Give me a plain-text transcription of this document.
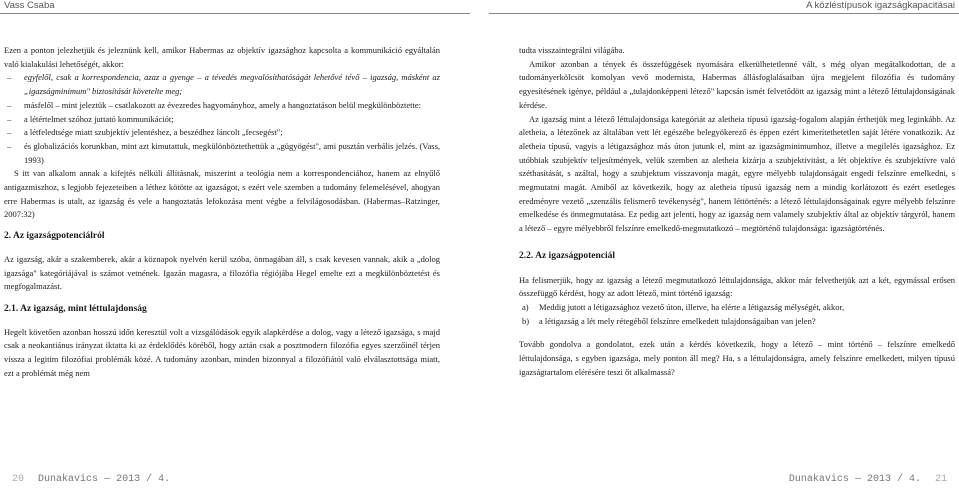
Vass Csaba

Ezen a ponton jelezhetjük és jeleznünk kell, amikor Habermas az objektív igazsághoz kapcsolta a kommunikáció egyáltalán való kialakulási lehetőségét, akkor:

– egyfelől, csak a korrespondencia, azaz a gyenge – a tévedés megvalósíthatóságát lehetővé tévő – igazság, másként az „igazságminimum" biztosítását követelte meg;
– másfelől – mint jeleztük – csatlakozott az évezredes hagyományhoz, amely a hangoztatáson belül megkülönböztette:
– a létértelmet szóhoz juttató kommunikációt;
– a létfeledtsége miatt szubjektív jelentéshez, a beszédhez láncolt „fecsegést";
– és globalizációs korunkban, mint azt kimutattuk, megkülönböztethettük a „gügyögést", ami pusztán verbális jelzés. (Vass, 1993)

S itt van alkalom annak a kifejtés nélküli állításnak, miszerint a teológia nem a korrespondenciához, hanem az elnyűlő antigazmiszhoz, s legjobb fejezeteiben a léthez kötötte az igazságot, s ezért vele szemben a tudomány felemelésével, ahogyan erre Habermas is utalt, az igazság és vele a hangoztatás lefokozása ment végbe a felvilágosodásban. (Habermas–Ratzinger, 2007:32)

2. Az igazságpotenciálról

Az igazság, akár a szakemberek, akár a köznapok nyelvén kerül szóba, önmagában áll, s csak kevesen vannak, akik a „dolog igazsága" kategóriájával is számot vetnének. Igazán magasra, a filozófia régiójába Hegel emelte ezt a megkülönböztetést és megfogalmazást.

2.1. Az igazság, mint léttulajdonság

Hegelt követően azonban hosszú időn keresztül volt a vizsgálódások egyik alapkérdése a dolog, vagy a létező igazsága, s majd csak a neokantiánus irányzat iktatta ki az érdeklődés köréből, hogy aztán csak a posztmodern filozófia egyes szerzőinél térjen vissza a legitim filozófiai problémák közé. A tudomány azonban, minden bizonnyal a filozófiától való elválasztottsága miatt, ezt a problémát még nem

20 Dunakavics — 2013 / 4.
A közléstípusok igazságkapacitásai

tudta visszaintegrálni világába.

Amikor azonban a tények és összefüggések nyomására elkerülhetetlenné vált, s még olyan megátalkodottan, de a tudományerkölcsöt komolyan vevő modernista, Habermas állásfoglalásaiban újra megjelent filozófia és tudomány egyesítésének igénye, például a „tulajdonképpeni létező" kapcsán ismét felvetődött az igazság mint a létező léttulajdonságának kérdése.

Az igazság mint a létező léttulajdonsága kategóriát az aletheia típusú igazság-fogalom alapján érthetjük meg leginkább. Az aletheia, a létezőnek az általában vett lét egészébe belegyökerező és éppen ezért kimerítethetetlen saját létére vonatkozik. Az aletheia típusú, vagyis a létigazsághoz más úton jutunk el, mint az igazságminimumhoz, illetve a megilelés igazsághoz. Ez utóbbiak szubjektív teljesítmények, velük szemben az aletheia kizárja a szubjektivitást, a lét objektíve és szubjektívre való széthasítását, s azáltal, hogy a szubjektum visszavonja magát, egyre mélyebb tulajdonságait engedi felszínre emelkedni, s megmutatni magát. Amiből az következik, hogy az aletheia típusú igazság nem a mindig korlátozott és ezért esetleges eredményre vezető „szenzális felismerő tevékenység", hanem léttörténés: a létező léttulajdonságainak egyre mélyebb felszínre emelkedése és önmegmutatása. Ez pedig azt jelenti, hogy az igazság nem valamely szubjektív által az objektív tárgyról, hanem a létező – egyre mélyebbről felszínre emelkedő-megmutatkozó – megtörténő tulajdonsága: igazságtörténés.

2.2. Az igazságpotenciál

Ha felismerjük, hogy az igazság a létező megmutatkozó léttulajdonsága, akkor már felvethetjük azt a két, egymással erősen összefüggő kérdést, hogy az adott létező, mint történő igazság:

a) Meddig jutott a létigazsághoz vezető úton, illetve, ha elérte a létigazság mélységét, akkor,
b) a létigazság a lét mely rétegéből felszínre emelkedett tulajdonságaiban van jelen?

Tovább gondolva a gondolatot, ezek után a kérdés következik, hogy a létező – mint történő – felszínre emelkedő léttulajdonsága, s egyben igazsága, mely ponton áll meg? Ha, s a léttulajdonságra, amely felszínre emelkedett, milyen típusú igazságtartalom elérésére teszi őt alkalmassá?

Dunakavics — 2013 / 4. 21
